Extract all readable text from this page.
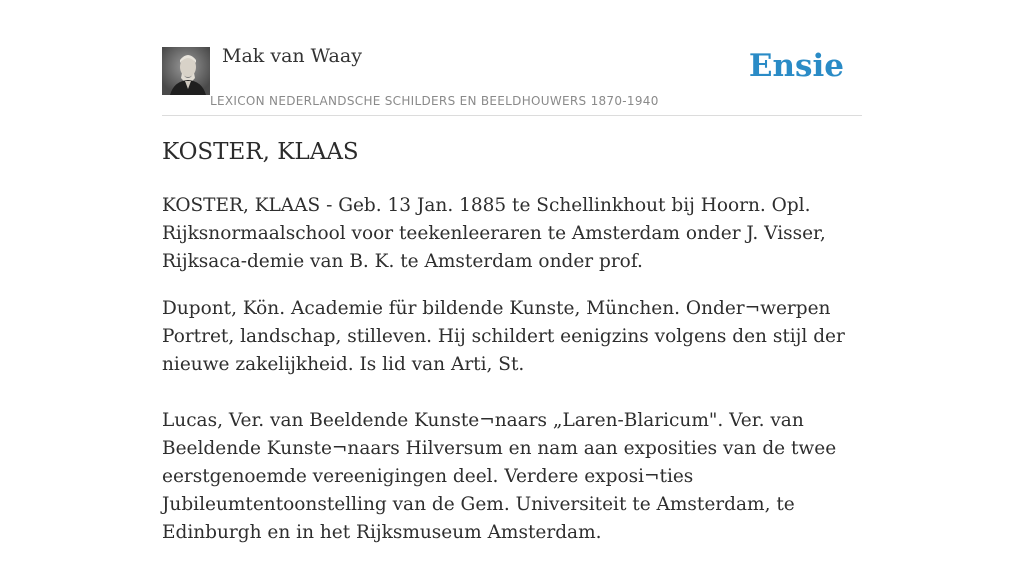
Mak van Waay
LEXICON NEDERLANDSCHE SCHILDERS EN BEELDHOUWERS 1870-1940
Ensie
KOSTER, KLAAS

KOSTER, KLAAS - Geb. 13 Jan. 1885 te Schellinkhout bij Hoorn. Opl. Rijksnormaalschool voor teekenleeraren te Amsterdam onder J. Visser, Rijksaca-demie van B. K. te Amsterdam onder prof.

Dupont, Kön. Academie für bildende Kunste, München. Onder¬werpen Portret, landschap, stilleven. Hij schildert eenigzins volgens den stijl der nieuwe zakelijkheid. Is lid van Arti, St.

Lucas, Ver. van Beeldende Kunste¬naars „Laren-Blaricum". Ver. van Beeldende Kunste¬naars Hilversum en nam aan exposities van de twee eerstgenoemde vereenigingen deel. Verdere exposi¬ties Jubileumtentoonstelling van de Gem. Universiteit te Amsterdam, te Edinburgh en in het Rijksmuseum Amsterdam.
